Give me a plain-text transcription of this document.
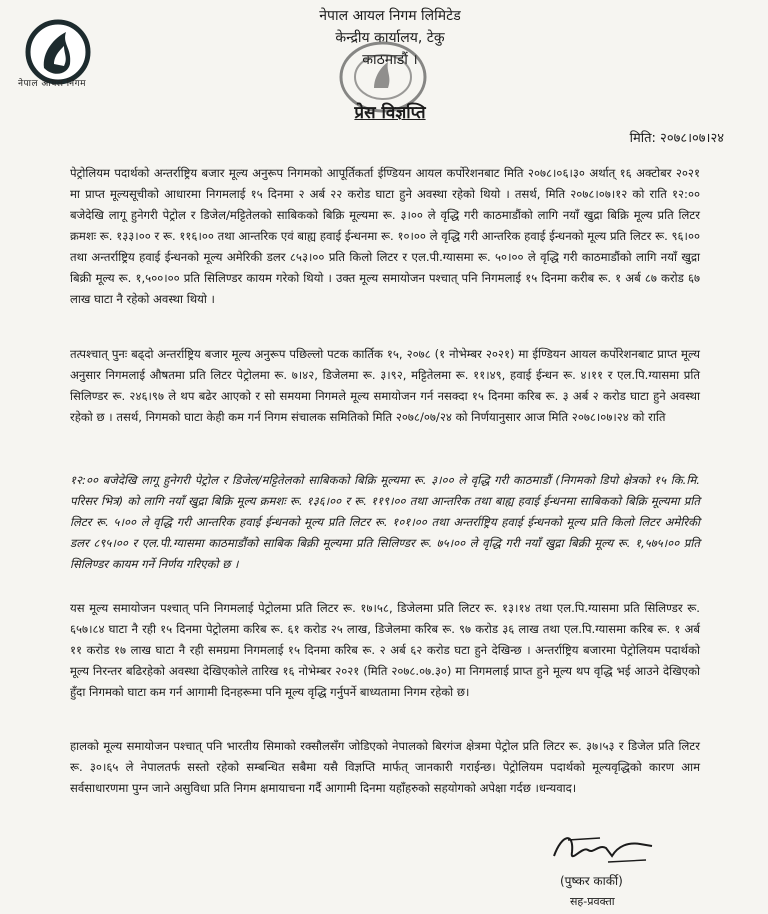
नेपाल आयल निगम
नेपाल आयल निगम लिमिटेड
केन्द्रीय कार्यालय, टेकु
काठमाडौं ।
प्रेस विज्ञप्ति
मिति: २०७८।०७।२४

पेट्रोलियम पदार्थको अन्तर्राष्ट्रिय बजार मूल्य अनुरूप निगमको आपूर्तिकर्ता ईण्डियन आयल कर्पोरेशनबाट मिति २०७८।०६।३० अर्थात् १६ अक्टोबर २०२१ मा प्राप्त मूल्यसूचीको आधारमा निगमलाई १५ दिनमा २ अर्ब २२ करोड घाटा हुने अवस्था रहेको थियो । तसर्थ, मिति २०७८।०७।१२ को राति १२:०० बजेदेखि लागू हुनेगरी पेट्रोल र डिजेल/मट्टितेलको साबिकको बिक्रि मूल्यमा रू. ३।०० ले वृद्धि गरी काठमाडौंको लागि नयाँ खुद्रा बिक्रि मूल्य प्रति लिटर क्रमशः रू. १३३।०० र रू. ११६।०० तथा आन्तरिक एवं बाह्य हवाई ईन्धनमा रू. १०।०० ले वृद्धि गरी आन्तरिक हवाई ईन्धनको मूल्य प्रति लिटर रू. ९६।०० तथा अन्तर्राष्ट्रिय हवाई ईन्धनको मूल्य अमेरिकी डलर ८५३।०० प्रति किलो लिटर र एल.पी.ग्यासमा रू. ५०।०० ले वृद्धि गरी काठमाडौंको लागि नयाँ खुद्रा बिक्री मूल्य रू. १,५००।०० प्रति सिलिण्डर कायम गरेको थियो । उक्त मूल्य समायोजन पश्चात् पनि निगमलाई १५ दिनमा करीब रू. १ अर्ब ८७ करोड ६७ लाख घाटा नै रहेको अवस्था थियो ।

तत्पश्चात् पुनः बढ्दो अन्तर्राष्ट्रिय बजार मूल्य अनुरूप पछिल्लो पटक कार्तिक १५, २०७८ (१ नोभेम्बर २०२१) मा ईण्डियन आयल कर्पोरेशनबाट प्राप्त मूल्य अनुसार निगमलाई औषतमा प्रति लिटर पेट्रोलमा रू. ७।४२, डिजेलमा रू. ३।९२, मट्टितेलमा रू. ११।४९, हवाई ईन्धन रू. ४।११ र एल.पि.ग्यासमा प्रति सिलिण्डर रू. २४६।९७ ले थप बढेर आएको र सो समयमा निगमले मूल्य समायोजन गर्न नसक्दा १५ दिनमा करिब रू. ३ अर्ब २ करोड घाटा हुने अवस्था रहेको छ । तसर्थ, निगमको घाटा केही कम गर्न निगम संचालक समितिको मिति २०७८/०७/२४ को निर्णयानुसार आज मिति २०७८।०७।२४ को राति

१२:०० बजेदेखि लागू हुनेगरी पेट्रोल र डिजेल/मट्टितेलको साबिकको बिक्रि मूल्यमा रू. ३।०० ले वृद्धि गरी काठमाडौं (निगमको डिपो क्षेत्रको १५ कि.मि. परिसर भित्र) को लागि नयाँ खुद्रा बिक्रि मूल्य क्रमशः रू. १३६।०० र रू. ११९।०० तथा आन्तरिक तथा बाह्य हवाई ईन्धनमा साबिकको बिक्रि मूल्यमा प्रति लिटर रू. ५।०० ले वृद्धि गरी आन्तरिक हवाई ईन्धनको मूल्य प्रति लिटर रू. १०१।०० तथा अन्तर्राष्ट्रिय हवाई ईन्धनको मूल्य प्रति किलो लिटर अमेरिकी डलर ८९५।०० र एल.पी.ग्यासमा काठमाडौंको साबिक बिक्री मूल्यमा प्रति सिलिण्डर रू. ७५।०० ले वृद्धि गरी नयाँ खुद्रा बिक्री मूल्य रू. १,५७५।०० प्रति सिलिण्डर कायम गर्ने निर्णय गरिएको छ ।

यस मूल्य समायोजन पश्चात् पनि निगमलाई पेट्रोलमा प्रति लिटर रू. १७।५८, डिजेलमा प्रति लिटर रू. १३।१४ तथा एल.पि.ग्यासमा प्रति सिलिण्डर रू. ६५७।८४ घाटा नै रही १५ दिनमा पेट्रोलमा करिब रू. ६१ करोड २५ लाख, डिजेलमा करिब रू. ९७ करोड ३६ लाख तथा एल.पि.ग्यासमा करिब रू. १ अर्ब ११ करोड १७ लाख घाटा नै रही समग्रमा निगमलाई १५ दिनमा करिब रू. २ अर्ब ६२ करोड घटा हुने देखिन्छ । अन्तर्राष्ट्रिय बजारमा पेट्रोलियम पदार्थको मूल्य निरन्तर बढिरहेको अवस्था देखिएकोले तारिख १६ नोभेम्बर २०२१ (मिति २०७८.०७.३०) मा निगमलाई प्राप्त हुने मूल्य थप वृद्धि भई आउने देखिएको हुँदा निगमको घाटा कम गर्न आगामी दिनहरूमा पनि मूल्य वृद्धि गर्नुपर्ने बाध्यतामा निगम रहेको छ।

हालको मूल्य समायोजन पश्चात् पनि भारतीय सिमाको रक्सौलसँग जोडिएको नेपालको बिरगंज क्षेत्रमा पेट्रोल प्रति लिटर रू. ३७।५३ र डिजेल प्रति लिटर रू. ३०।६५ ले नेपालतर्फ सस्तो रहेको सम्बन्धित सबैमा यसै विज्ञप्ति मार्फत् जानकारी गराईन्छ। पेट्रोलियम पदार्थको मूल्यवृद्धिको कारण आम सर्वसाधारणमा पुग्न जाने असुविधा प्रति निगम क्षमायाचना गर्दै आगामी दिनमा यहाँहरुको सहयोगको अपेक्षा गर्दछ ।धन्यवाद।

(पुष्कर कार्की)
सह-प्रवक्ता
